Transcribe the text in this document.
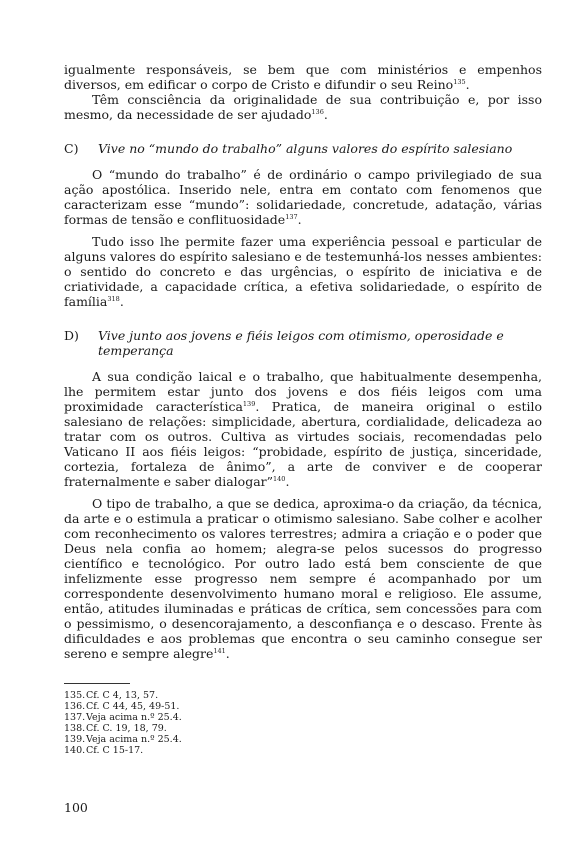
igualmente responsáveis, se bem que com ministérios e empenhos diversos, em edificar o corpo de Cristo e difundir o seu Reino$^{135}$.

Têm consciência da originalidade de sua contribuição e, por isso mesmo, da necessidade de ser ajudado$^{136}$.

C)	Vive no “mundo do trabalho” alguns valores do espírito salesiano

O “mundo do trabalho” é de ordinário o campo privilegiado de sua ação apostólica. Inserido nele, entra em contato com fenomenos que caracterizam esse “mundo”: solidariedade, concretude, adatação, várias formas de tensão e conflituosidade$^{137}$.

Tudo isso lhe permite fazer uma experiência pessoal e particular de alguns valores do espírito salesiano e de testemunhá-los nesses ambientes: o sentido do concreto e das urgências, o espírito de iniciativa e de criatividade, a capacidade crítica, a efetiva solidariedade, o espírito de família$^{318}$.

D)	Vive junto aos jovens e fiéis leigos com otimismo, operosidade e temperança

A sua condição laical e o trabalho, que habitualmente desempenha, lhe permitem estar junto dos jovens e dos fiéis leigos com uma proximidade característica$^{139}$. Pratica, de maneira original o estilo salesiano de relações: simplicidade, abertura, cordialidade, delicadeza ao tratar com os outros. Cultiva as virtudes sociais, recomendadas pelo Vaticano II aos fiéis leigos: “probidade, espírito de justiça, sinceridade, cortezia, fortaleza de ânimo”, a arte de conviver e de cooperar fraternalmente e saber dialogar”$^{140}$.

O tipo de trabalho, a que se dedica, aproxima-o da criação, da técnica, da arte e o estimula a praticar o otimismo salesiano. Sabe colher e acolher com reconhecimento os valores terrestres; admira a criação e o poder que Deus nela confia ao homem; alegra-se pelos sucessos do progresso científico e tecnológico. Por outro lado está bem consciente de que infelizmente esse progresso nem sempre é acompanhado por um correspondente desenvolvimento humano moral e religioso. Ele assume, então, atitudes iluminadas e práticas de crítica, sem concessões para com o pessimismo, o desencorajamento, a desconfiança e o descaso. Frente às dificuldades e aos problemas que encontra o seu caminho consegue ser sereno e sempre alegre$^{141}$.

135. Cf. C 4, 13, 57.
136. Cf. C 44, 45, 49-51.
137. Veja acima n.º 25.4.
138. Cf. C. 19, 18, 79.
139. Veja acima n.º 25.4.
140. Cf. C 15-17.
100
